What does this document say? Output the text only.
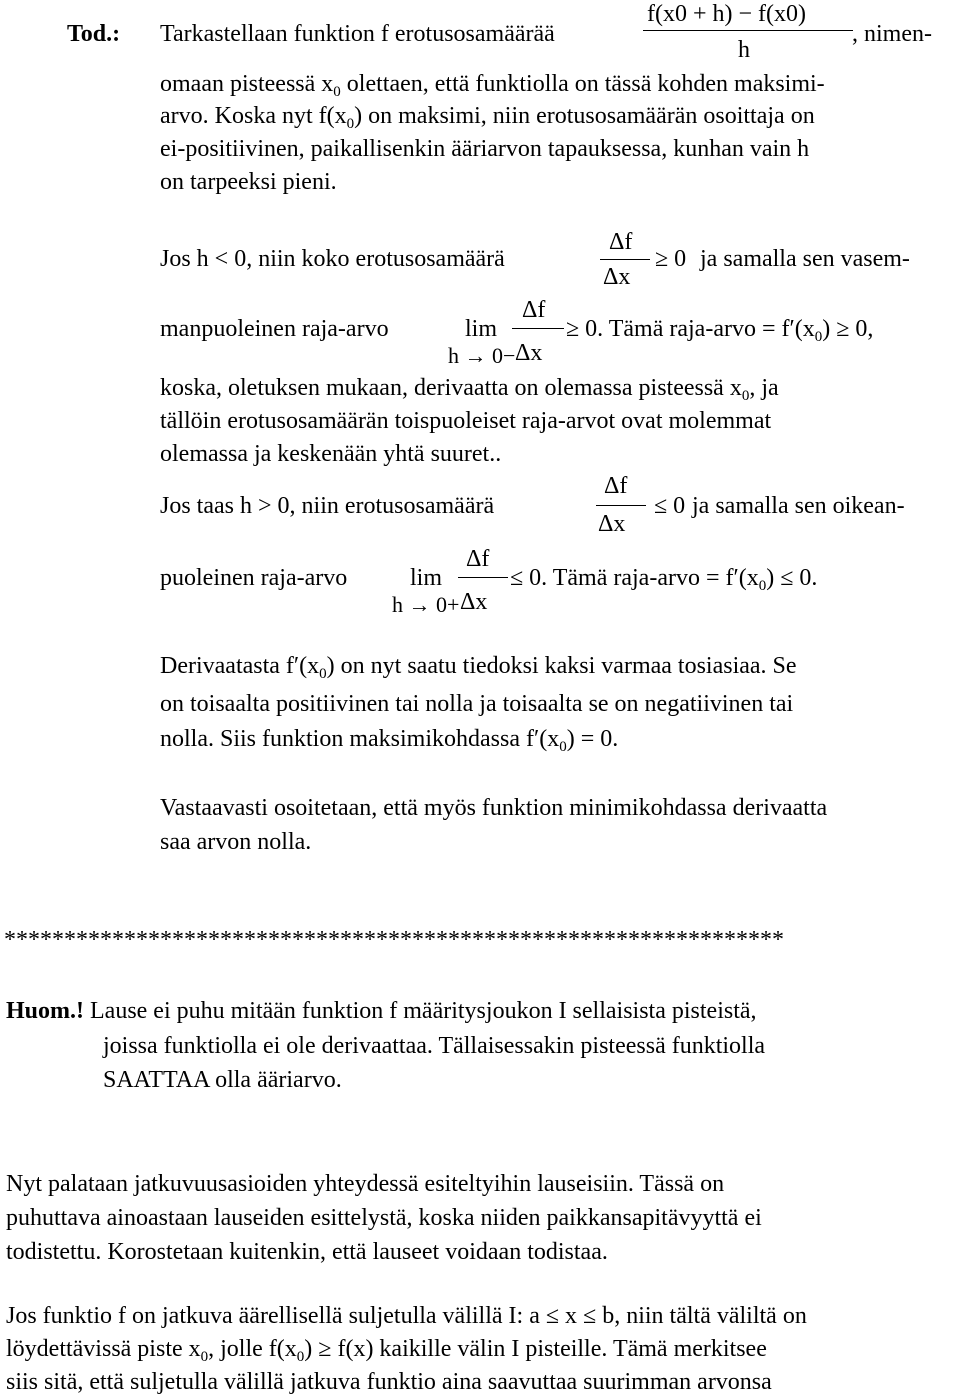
Tod.: Tarkastellaan funktion f erotusosamäärää
f(x0 + h) − f(x0)
h
, nimen-
omaan pisteessä $x_0$ olettaen, että funktiolla on tässä kohden maksimi-
arvo. Koska nyt $f(x_0)$ on maksimi, niin erotusosamäärän osoittaja on
ei-positiivinen, paikallisenkin ääriarvon tapauksessa, kunhan vain h
on tarpeeksi pieni.
Jos h < 0, niin koko erotusosamäärä
Δf
Δx
≥ 0 ja samalla sen vasem-
manpuoleinen raja-arvo	lim
h → 0−
Δf
Δx
≥ 0. Tämä raja-arvo = $f'(x_0) \ge 0$,
koska, oletuksen mukaan, derivaatta on olemassa pisteessä $x_0$, ja
tällöin erotusosamäärän toispuoleiset raja-arvot ovat molemmat
olemassa ja keskenään yhtä suuret..
Jos taas h > 0, niin erotusosamäärä
Δf
Δx
≤ 0 ja samalla sen oikean-
puoleinen raja-arvo	lim
h → 0+
Δf
Δx
≤ 0. Tämä raja-arvo = $f'(x_0) \le 0$.
Derivaatasta $f'(x_0)$ on nyt saatu tiedoksi kaksi varmaa tosiasiaa. Se
on toisaalta positiivinen tai nolla ja toisaalta se on negatiivinen tai
nolla. Siis funktion maksimikohdassa $f'(x_0) = 0$.
Vastaavasti osoitetaan, että myös funktion minimikohdassa derivaatta
saa arvon nolla.
*****************************************************************
Huom.! Lause ei puhu mitään funktion f määritysjoukon I sellaisista pisteistä,
joissa funktiolla ei ole derivaattaa. Tällaisessakin pisteessä funktiolla
SAATTAA olla ääriarvo.
Nyt palataan jatkuvuusasioiden yhteydessä esiteltyihin lauseisiin. Tässä on
puhuttava ainoastaan lauseiden esittelystä, koska niiden paikkansapitävyyttä ei
todistettu. Korostetaan kuitenkin, että lauseet voidaan todistaa.
Jos funktio f on jatkuva äärellisellä suljetulla välillä I: a ≤ x ≤ b, niin tältä väliltä on
löydettävissä piste $x_0$, jolle $f(x_0) \ge f(x)$ kaikille välin I pisteille. Tämä merkitsee
siis sitä, että suljetulla välillä jatkuva funktio aina saavuttaa suurimman arvonsa
